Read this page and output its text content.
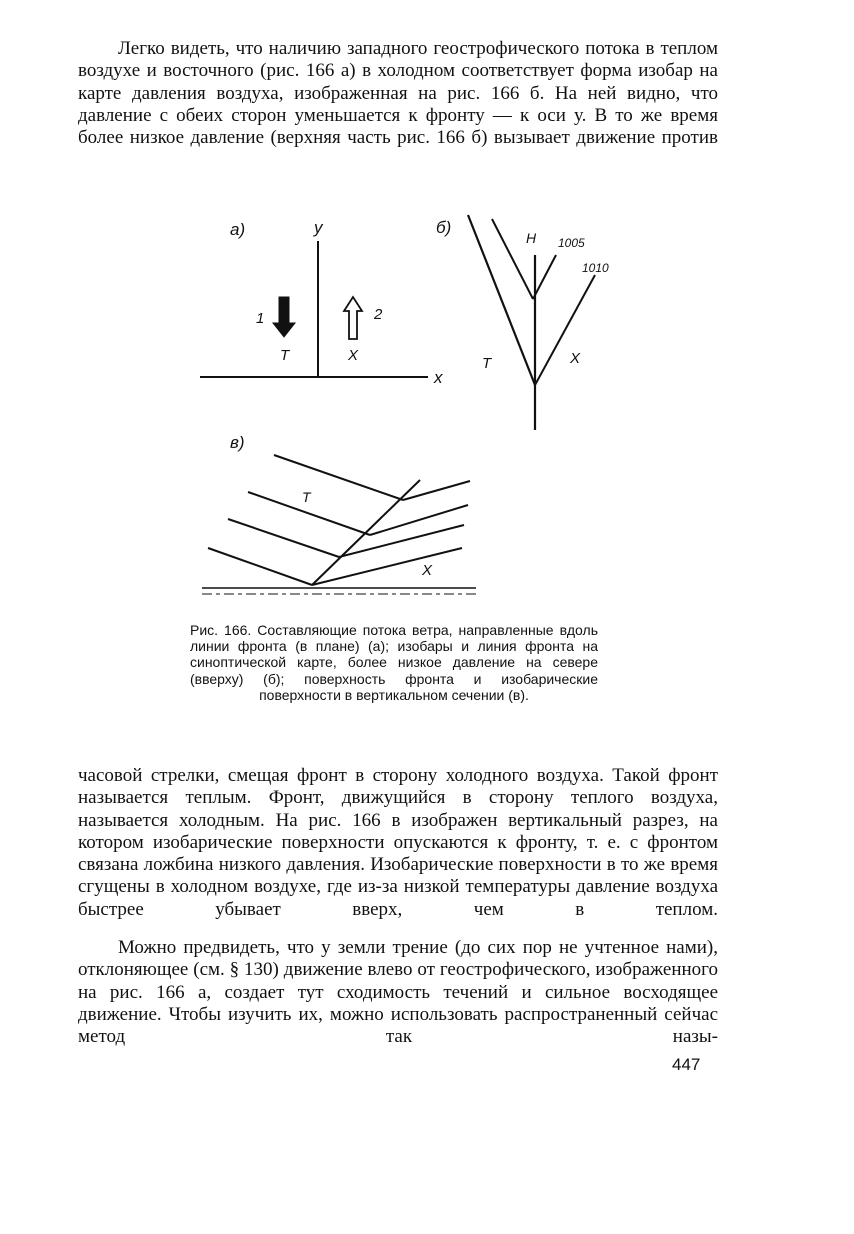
Легко видеть, что наличию западного геострофического потока в теплом воздухе и восточного (рис. 166 а) в холодном соответствует форма изобар на карте давления воздуха, изображенная на рис. 166 б. На ней видно, что давление с обеих сторон уменьшается к фронту — к оси у. В то же время более низкое давление (верхняя часть рис. 166 б) вызывает движение против

а)	у
х
1	2
Т	Х
б)
Н 1005
1010
Т	Х
в)
Т
Х

Рис. 166. Составляющие потока ветра, направленные вдоль линии фронта (в плане) (а); изобары и линия фронта на синоптической карте, более низкое давление на севере (вверху) (б); поверхность фронта и изобарические поверхности в вертикальном сечении (в).

часовой стрелки, смещая фронт в сторону холодного воздуха. Такой фронт называется теплым. Фронт, движущийся в сторону теплого воздуха, называется холодным. На рис. 166 в изображен вертикальный разрез, на котором изобарические поверхности опускаются к фронту, т. е. с фронтом связана ложбина низкого давления. Изобарические поверхности в то же время сгущены в холодном воздухе, где из-за низкой температуры давление воздуха быстрее убывает вверх, чем в теплом.

Можно предвидеть, что у земли трение (до сих пор не учтенное нами), отклоняющее (см. § 130) движение влево от геострофического, изображенного на рис. 166 а, создает тут сходимость течений и сильное восходящее движение. Чтобы изучить их, можно использовать распространенный сейчас метод так назы-

447
